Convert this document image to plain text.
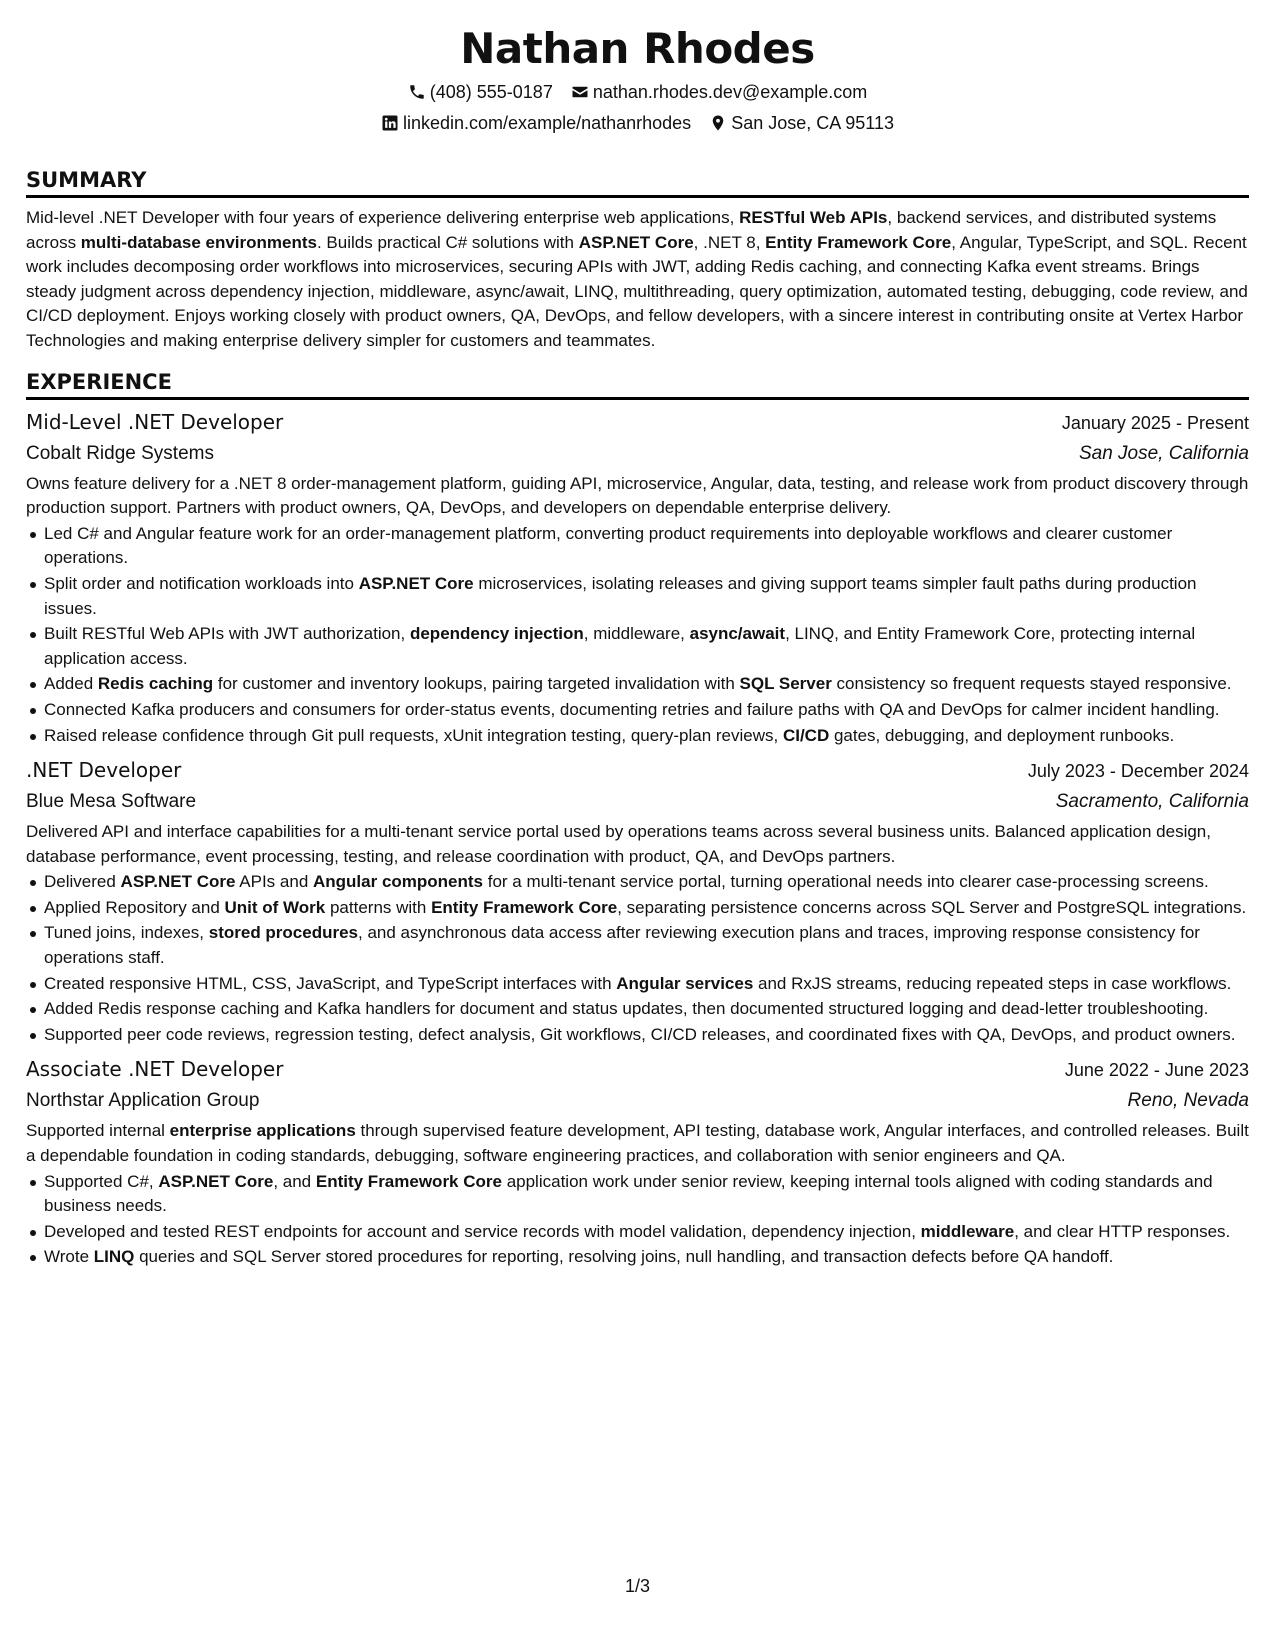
Nathan Rhodes
(408) 555-0187 nathan.rhodes.dev@example.com
linkedin.com/example/nathanrhodes San Jose, CA 95113
SUMMARY

Mid-level .NET Developer with four years of experience delivering enterprise web applications, RESTful Web APIs, backend services, and distributed systems across multi-database environments. Builds practical C# solutions with ASP.NET Core, .NET 8, Entity Framework Core, Angular, TypeScript, and SQL. Recent work includes decomposing order workflows into microservices, securing APIs with JWT, adding Redis caching, and connecting Kafka event streams. Brings steady judgment across dependency injection, middleware, async/await, LINQ, multithreading, query optimization, automated testing, debugging, code review, and CI/CD deployment. Enjoys working closely with product owners, QA, DevOps, and fellow developers, with a sincere interest in contributing onsite at Vertex Harbor Technologies and making enterprise delivery simpler for customers and teammates.

EXPERIENCE
Mid-Level .NET Developer	January 2025 - Present
Cobalt Ridge Systems	San Jose, California
Owns feature delivery for a .NET 8 order-management platform, guiding API, microservice, Angular, data, testing, and release work from product discovery through production support. Partners with product owners, QA, DevOps, and developers on dependable enterprise delivery.
Led C# and Angular feature work for an order-management platform, converting product requirements into deployable workflows and clearer customer operations.
Split order and notification workloads into ASP.NET Core microservices, isolating releases and giving support teams simpler fault paths during production issues.
Built RESTful Web APIs with JWT authorization, dependency injection, middleware, async/await, LINQ, and Entity Framework Core, protecting internal application access.
Added Redis caching for customer and inventory lookups, pairing targeted invalidation with SQL Server consistency so frequent requests stayed responsive.
Connected Kafka producers and consumers for order-status events, documenting retries and failure paths with QA and DevOps for calmer incident handling.
Raised release confidence through Git pull requests, xUnit integration testing, query-plan reviews, CI/CD gates, debugging, and deployment runbooks.
.NET Developer	July 2023 - December 2024
Blue Mesa Software	Sacramento, California
Delivered API and interface capabilities for a multi-tenant service portal used by operations teams across several business units. Balanced application design, database performance, event processing, testing, and release coordination with product, QA, and DevOps partners.
Delivered ASP.NET Core APIs and Angular components for a multi-tenant service portal, turning operational needs into clearer case-processing screens.
Applied Repository and Unit of Work patterns with Entity Framework Core, separating persistence concerns across SQL Server and PostgreSQL integrations.
Tuned joins, indexes, stored procedures, and asynchronous data access after reviewing execution plans and traces, improving response consistency for operations staff.
Created responsive HTML, CSS, JavaScript, and TypeScript interfaces with Angular services and RxJS streams, reducing repeated steps in case workflows.
Added Redis response caching and Kafka handlers for document and status updates, then documented structured logging and dead-letter troubleshooting.
Supported peer code reviews, regression testing, defect analysis, Git workflows, CI/CD releases, and coordinated fixes with QA, DevOps, and product owners.
Associate .NET Developer	June 2022 - June 2023
Northstar Application Group	Reno, Nevada
Supported internal enterprise applications through supervised feature development, API testing, database work, Angular interfaces, and controlled releases. Built a dependable foundation in coding standards, debugging, software engineering practices, and collaboration with senior engineers and QA.
Supported C#, ASP.NET Core, and Entity Framework Core application work under senior review, keeping internal tools aligned with coding standards and business needs.
Developed and tested REST endpoints for account and service records with model validation, dependency injection, middleware, and clear HTTP responses.
Wrote LINQ queries and SQL Server stored procedures for reporting, resolving joins, null handling, and transaction defects before QA handoff.
1/3
